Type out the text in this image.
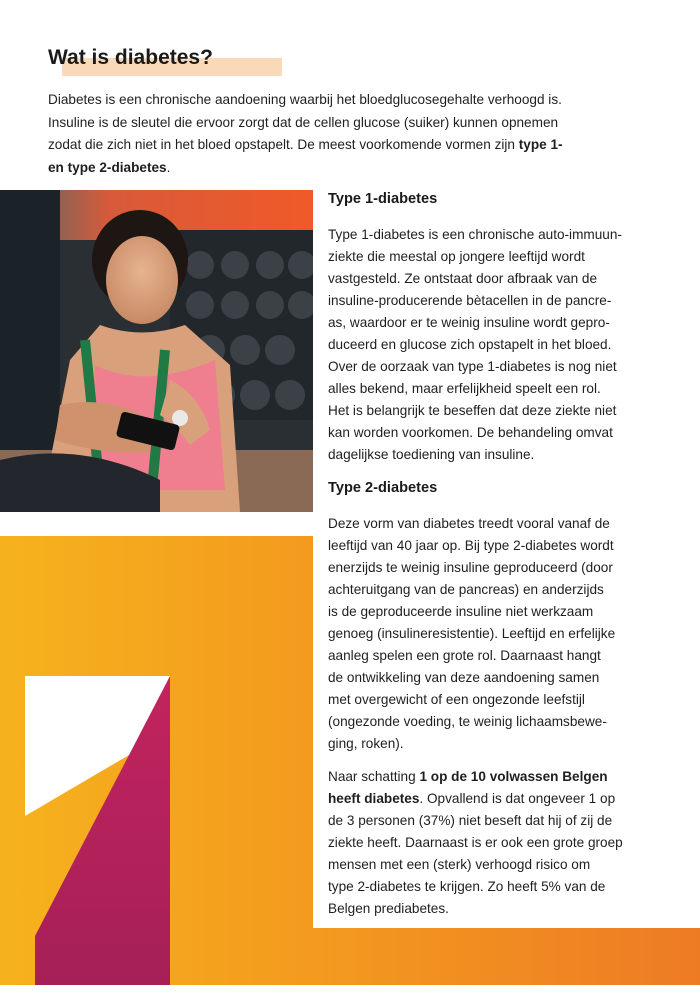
Wat is diabetes?

Diabetes is een chronische aandoening waarbij het bloedglucosegehalte verhoogd is.
Insuline is de sleutel die ervoor zorgt dat de cellen glucose (suiker) kunnen opnemen
zodat die zich niet in het bloed opstapelt. De meest voorkomende vormen zijn type 1-
en type 2-diabetes.

Type 1-diabetes
Type 1-diabetes is een chronische auto-immuun-
ziekte die meestal op jongere leeftijd wordt
vastgesteld. Ze ontstaat door afbraak van de
insuline-producerende bètacellen in de pancre-
as, waardoor er te weinig insuline wordt gepro-
duceerd en glucose zich opstapelt in het bloed.
Over de oorzaak van type 1-diabetes is nog niet
alles bekend, maar erfelijkheid speelt een rol.
Het is belangrijk te beseffen dat deze ziekte niet
kan worden voorkomen. De behandeling omvat
dagelijkse toediening van insuline.
Type 2-diabetes
Deze vorm van diabetes treedt vooral vanaf de
leeftijd van 40 jaar op. Bij type 2-diabetes wordt
enerzijds te weinig insuline geproduceerd (door
achteruitgang van de pancreas) en anderzijds
is de geproduceerde insuline niet werkzaam
genoeg (insulineresistentie). Leeftijd en erfelijke
aanleg spelen een grote rol. Daarnaast hangt
de ontwikkeling van deze aandoening samen
met overgewicht of een ongezonde leefstijl
(ongezonde voeding, te weinig lichaamsbewe-
ging, roken).
Naar schatting 1 op de 10 volwassen Belgen
heeft diabetes. Opvallend is dat ongeveer 1 op
de 3 personen (37%) niet beseft dat hij of zij de
ziekte heeft. Daarnaast is er ook een grote groep
mensen met een (sterk) verhoogd risico om
type 2-diabetes te krijgen. Zo heeft 5% van de
Belgen prediabetes.
